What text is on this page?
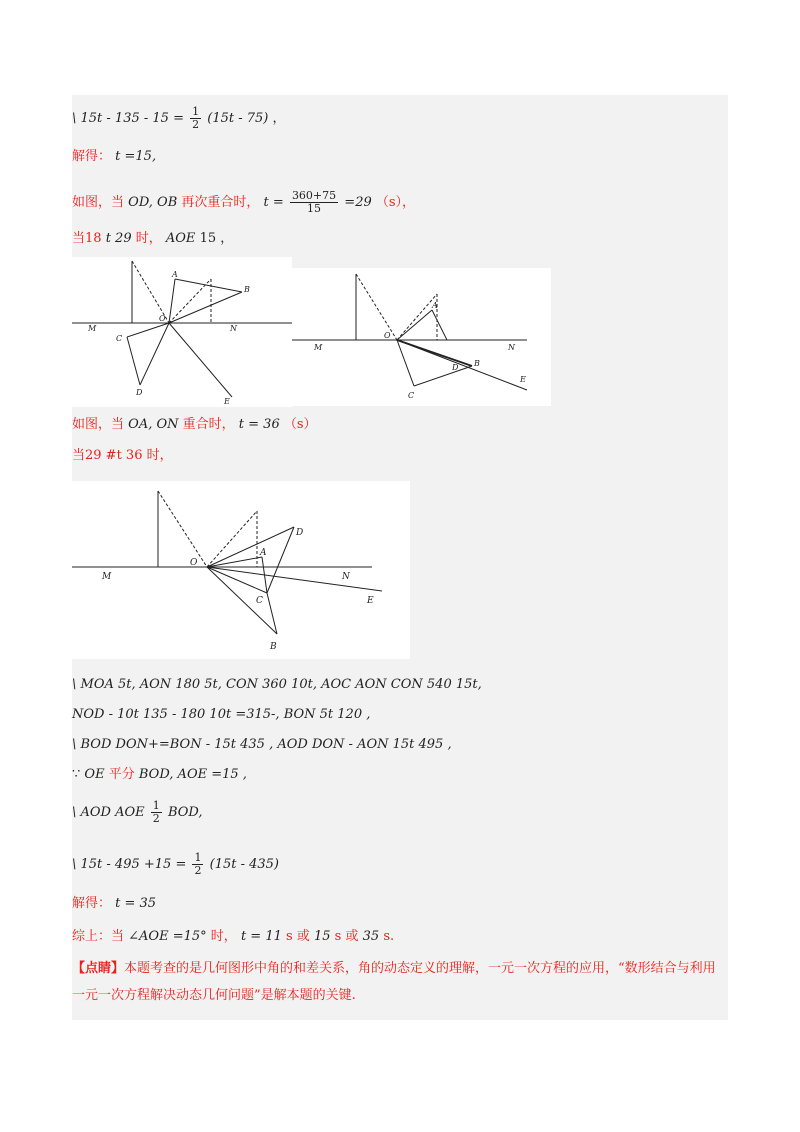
\ $15t - 135 - 15 = \frac{1}{2} (15t - 75)$ ，
解得： t =15,
如图，当 OD, OB 再次重合时， $t = \frac{360+75}{15} =29$ （s），
当18 t 29 时， AOE 15 ，
M	N
O
A
B
C
D
E
M	N
O
A
B
C
D
E
如图，当 OA, ON 重合时， t = 36 （s）
当29 #t 36 时，
M	N
O
A
B
C
D
E
\ MOA 5t, AON 180 5t, CON 360 10t, AOC AON CON 540 15t,
NOD - 10t 135 - 180 10t =315-, BON 5t 120 ,
\ BOD DON+=BON - 15t 435 , AOD DON - AON 15t 495 ,
∵ OE 平分 BOD, AOE =15 ,
\ AOD AOE $\frac{1}{2}$ BOD,
\ $15t - 495 +15 = \frac{1}{2} (15t - 435)$
解得： t = 35
综上：当 ∠AOE =15° 时， t = 11 s 或 15 s 或 35 s.
【点睛】本题考查的是几何图形中角的和差关系，角的动态定义的理解，一元一次方程的应用，“数形结合与利用一元一次方程解决动态几何问题”是解本题的关键.
